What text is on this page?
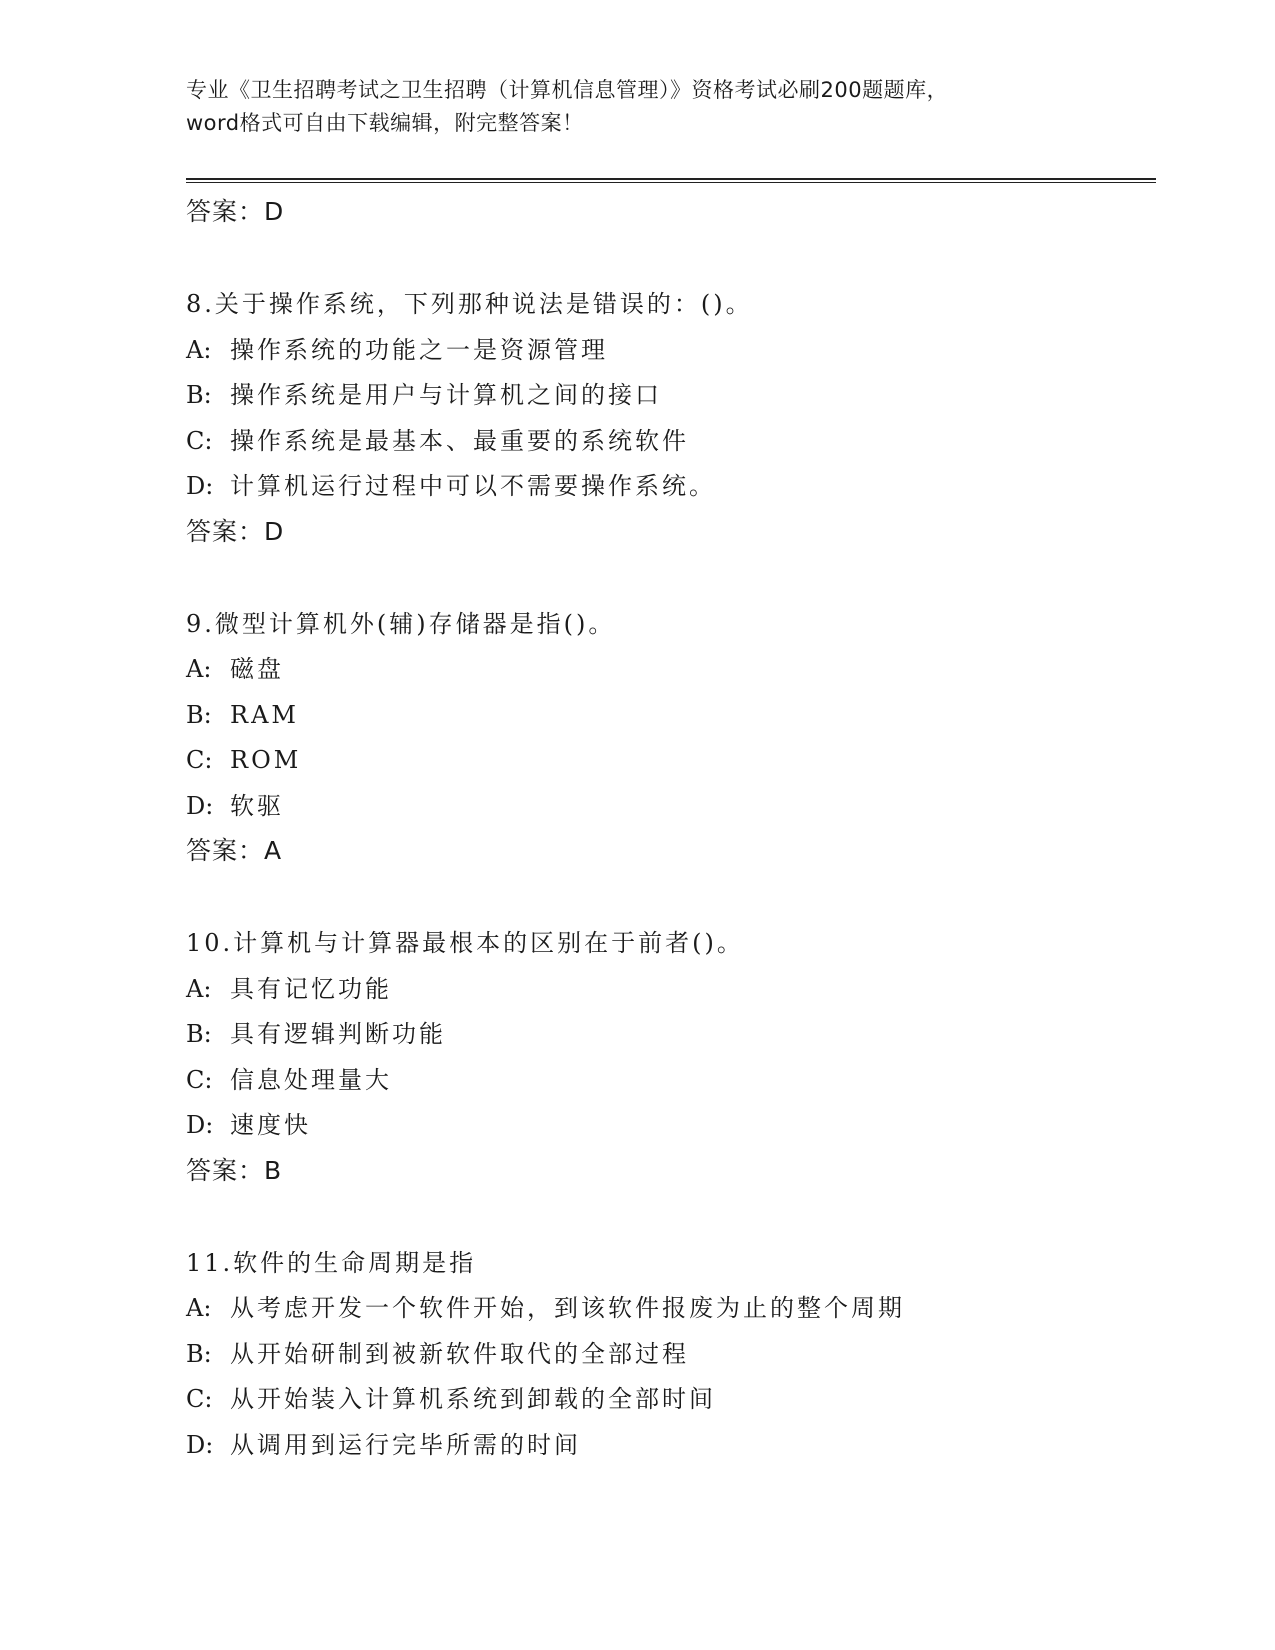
专业《卫生招聘考试之卫生招聘（计算机信息管理）》资格考试必刷200题题库，
word格式可自由下载编辑，附完整答案！
答案：D
8.关于操作系统，下列那种说法是错误的：()。
A: 操作系统的功能之一是资源管理
B: 操作系统是用户与计算机之间的接口
C: 操作系统是最基本、最重要的系统软件
D: 计算机运行过程中可以不需要操作系统。
答案：D
9.微型计算机外(辅)存储器是指()。
A: 磁盘
B: RAM
C: ROM
D: 软驱
答案：A
10.计算机与计算器最根本的区别在于前者()。
A: 具有记忆功能
B: 具有逻辑判断功能
C: 信息处理量大
D: 速度快
答案：B
11.软件的生命周期是指
A: 从考虑开发一个软件开始，到该软件报废为止的整个周期
B: 从开始研制到被新软件取代的全部过程
C: 从开始装入计算机系统到卸载的全部时间
D: 从调用到运行完毕所需的时间
